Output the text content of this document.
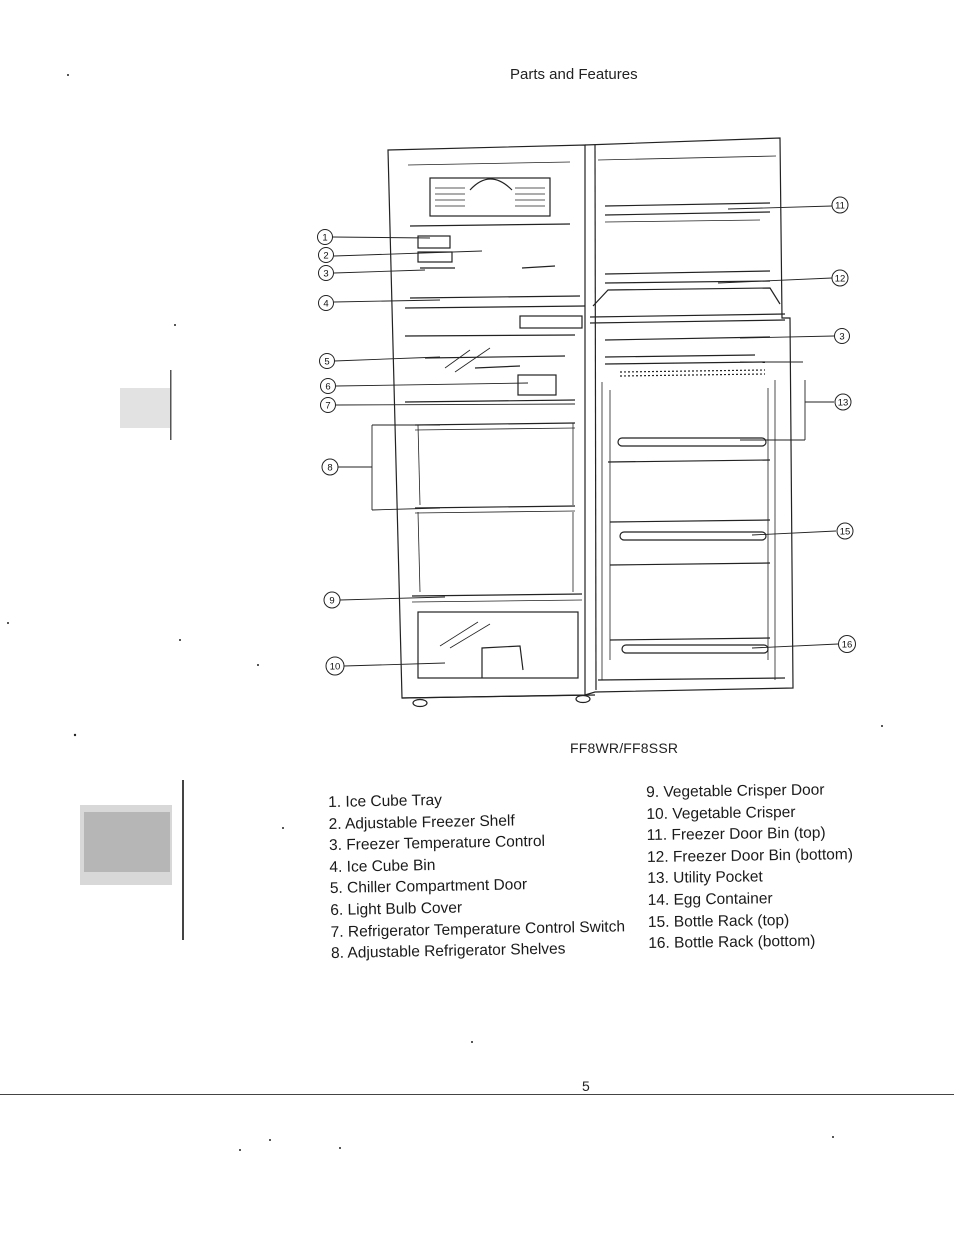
Parts and Features
1
2
3
4
5
6
7
8
9
10
11
12
3
13
15
16
FF8WR/FF8SSR
1. Ice Cube Tray
2. Adjustable Freezer Shelf
3. Freezer Temperature Control
4. Ice Cube Bin
5. Chiller Compartment Door
6. Light Bulb Cover
7. Refrigerator Temperature Control Switch
8. Adjustable Refrigerator Shelves
9. Vegetable Crisper Door
10. Vegetable Crisper
11. Freezer Door Bin (top)
12. Freezer Door Bin (bottom)
13. Utility Pocket
14. Egg Container
15. Bottle Rack (top)
16. Bottle Rack (bottom)
5
